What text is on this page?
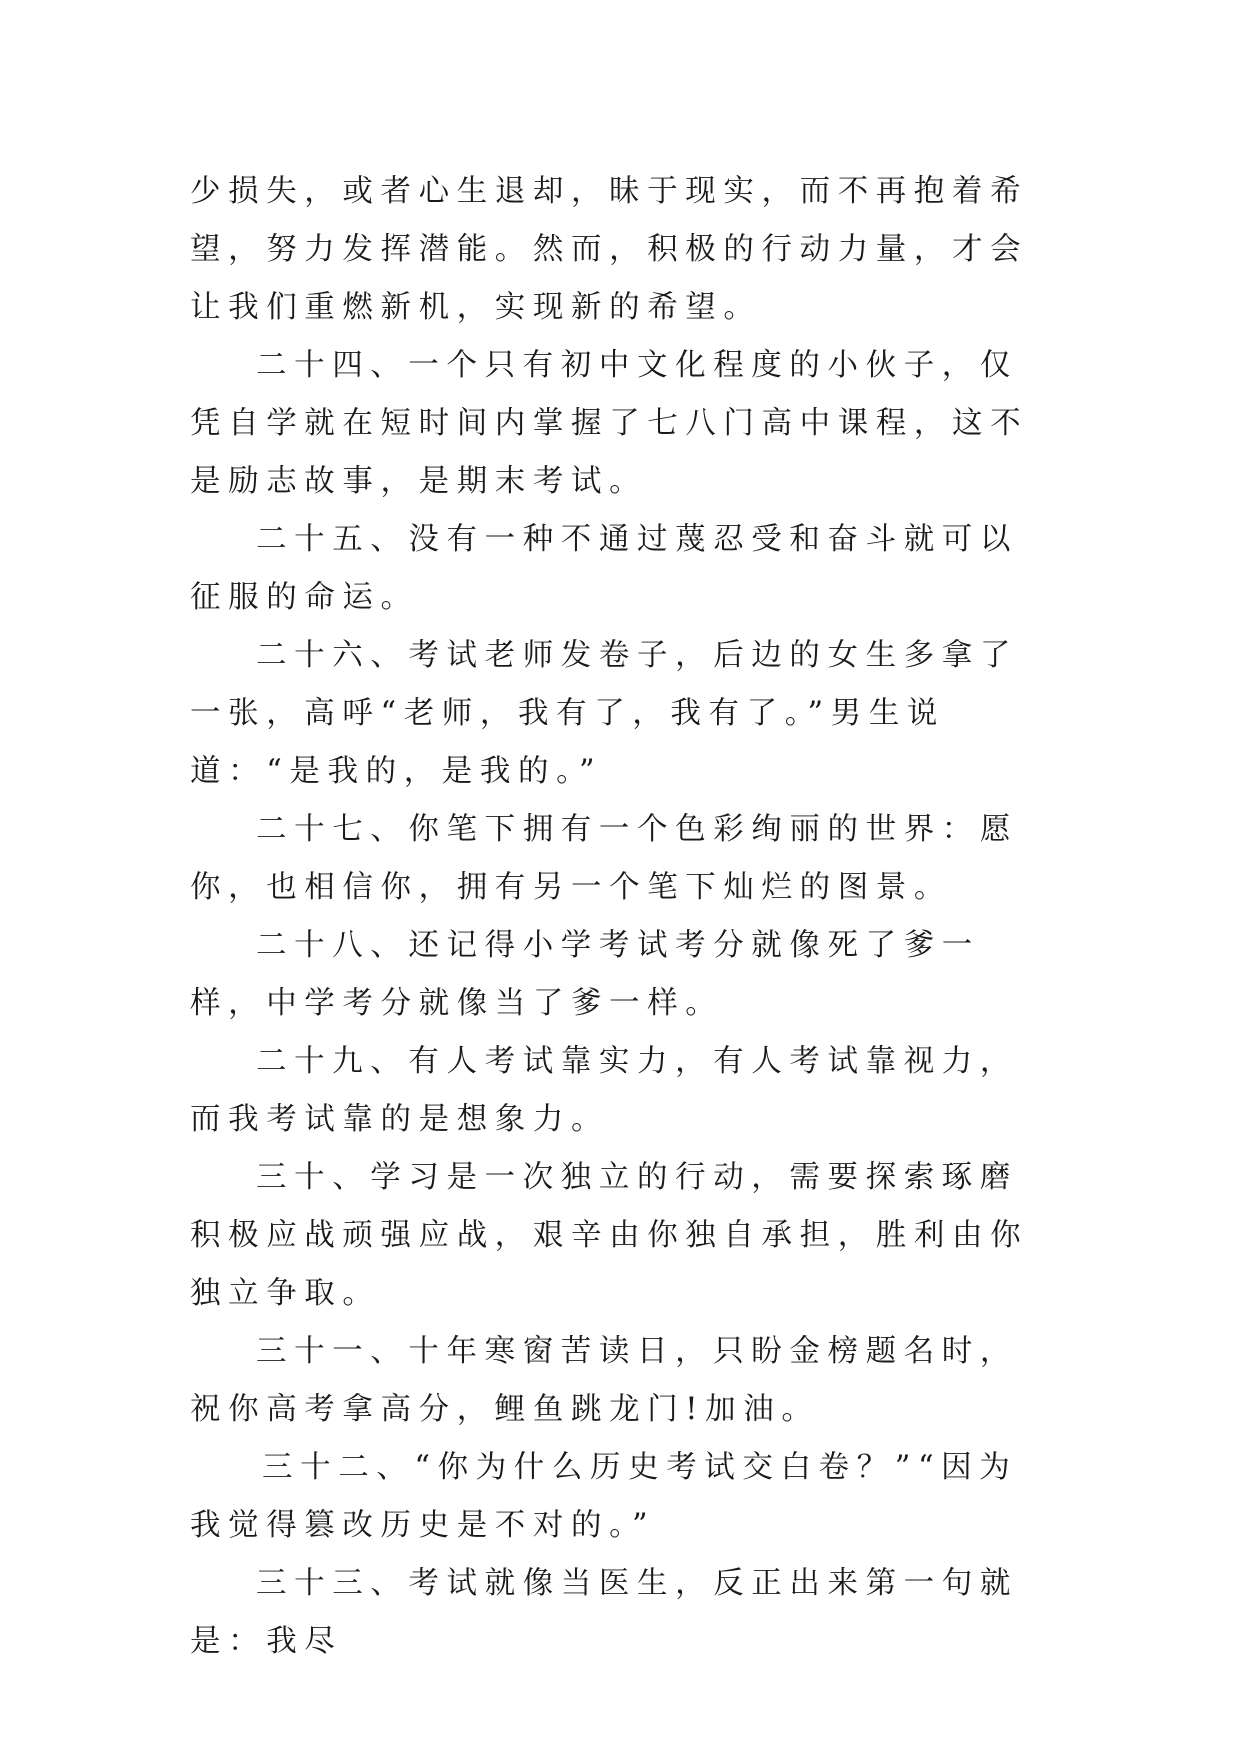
少损失，或者心生退却，昧于现实，而不再抱着希望，努力发挥潜能。然而，积极的行动力量，才会让我们重燃新机，实现新的希望。

二十四、一个只有初中文化程度的小伙子，仅凭自学就在短时间内掌握了七八门高中课程，这不是励志故事，是期末考试。

二十五、没有一种不通过蔑忍受和奋斗就可以征服的命运。

二十六、考试老师发卷子，后边的女生多拿了一张，高呼“老师，我有了，我有了。”男生说道：“是我的，是我的。”

二十七、你笔下拥有一个色彩绚丽的世界：愿你，也相信你，拥有另一个笔下灿烂的图景。

二十八、还记得小学考试考分就像死了爹一样，中学考分就像当了爹一样。

二十九、有人考试靠实力，有人考试靠视力，而我考试靠的是想象力。

三十、学习是一次独立的行动，需要探索琢磨积极应战顽强应战，艰辛由你独自承担，胜利由你独立争取。

三十一、十年寒窗苦读日，只盼金榜题名时，祝你高考拿高分，鲤鱼跳龙门!加油。

三十二、“你为什么历史考试交白卷？”“因为我觉得篡改历史是不对的。”

三十三、考试就像当医生，反正出来第一句就是：我尽
